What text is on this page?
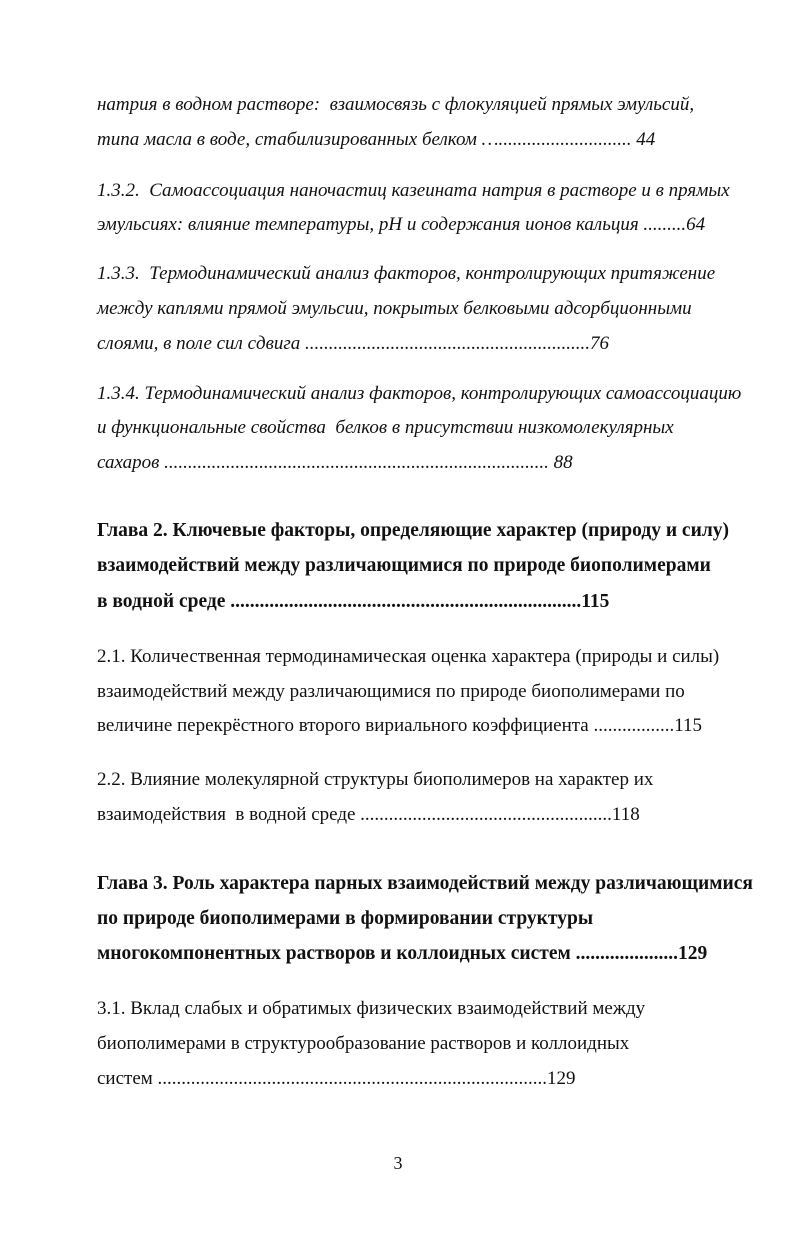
натрия в водном растворе:  взаимосвязь с флокуляцией прямых эмульсий,
типа масла в воде, стабилизированных белком …............................ 44
1.3.2.  Самоассоциация наночастиц казеината натрия в растворе и в прямых
эмульсиях: влияние температуры, pH и содержания ионов кальция .........64
1.3.3.  Термодинамический анализ факторов, контролирующих притяжение
между каплями прямой эмульсии, покрытых белковыми адсорбционными
слоями, в поле сил сдвига ............................................................76
1.3.4. Термодинамический анализ факторов, контролирующих самоассоциацию
и функциональные свойства  белков в присутствии низкомолекулярных
сахаров ................................................................................. 88
Глава 2. Ключевые факторы, определяющие характер (природу и силу)
взаимодействий между различающимися по природе биополимерами
в водной среде ........................................................................115
2.1. Количественная термодинамическая оценка характера (природы и силы)
взаимодействий между различающимися по природе биополимерами по
величине перекрёстного второго вириального коэффициента .................115
2.2. Влияние молекулярной структуры биополимеров на характер их
взаимодействия  в водной среде .....................................................118
Глава 3. Роль характера парных взаимодействий между различающимися
по природе биополимерами в формировании структуры
многокомпонентных растворов и коллоидных систем .....................129
3.1. Вклад слабых и обратимых физических взаимодействий между
биополимерами в структурообразование растворов и коллоидных
систем ..................................................................................129
3
